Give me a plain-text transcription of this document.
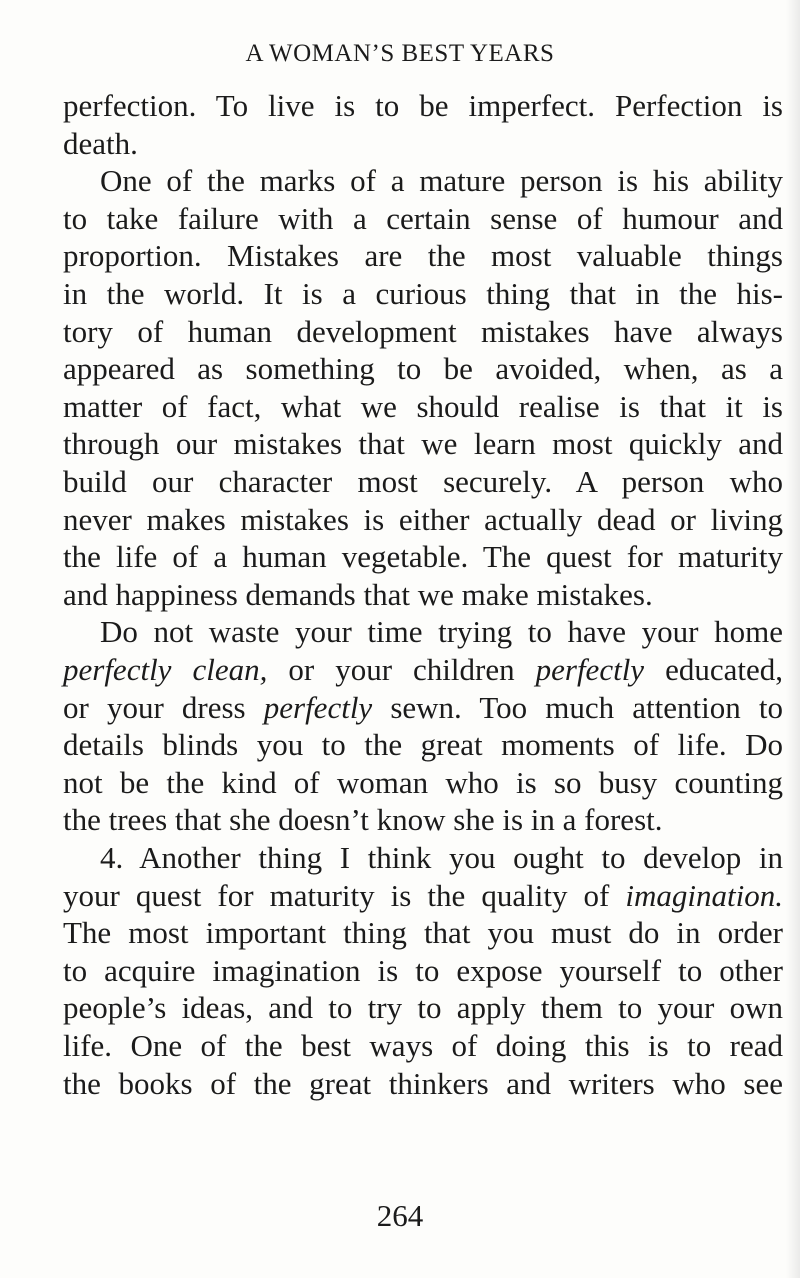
A WOMAN’S BEST YEARS
perfection. To live is to be imperfect. Perfection is
death.
One of the marks of a mature person is his ability
to take failure with a certain sense of humour and
proportion. Mistakes are the most valuable things
in the world. It is a curious thing that in the his-
tory of human development mistakes have always
appeared as something to be avoided, when, as a
matter of fact, what we should realise is that it is
through our mistakes that we learn most quickly and
build our character most securely. A person who
never makes mistakes is either actually dead or living
the life of a human vegetable. The quest for maturity
and happiness demands that we make mistakes.
Do not waste your time trying to have your home
perfectly clean, or your children perfectly educated,
or your dress perfectly sewn. Too much attention to
details blinds you to the great moments of life. Do
not be the kind of woman who is so busy counting
the trees that she doesn’t know she is in a forest.
4. Another thing I think you ought to develop in
your quest for maturity is the quality of imagination.
The most important thing that you must do in order
to acquire imagination is to expose yourself to other
people’s ideas, and to try to apply them to your own
life. One of the best ways of doing this is to read
the books of the great thinkers and writers who see
264
